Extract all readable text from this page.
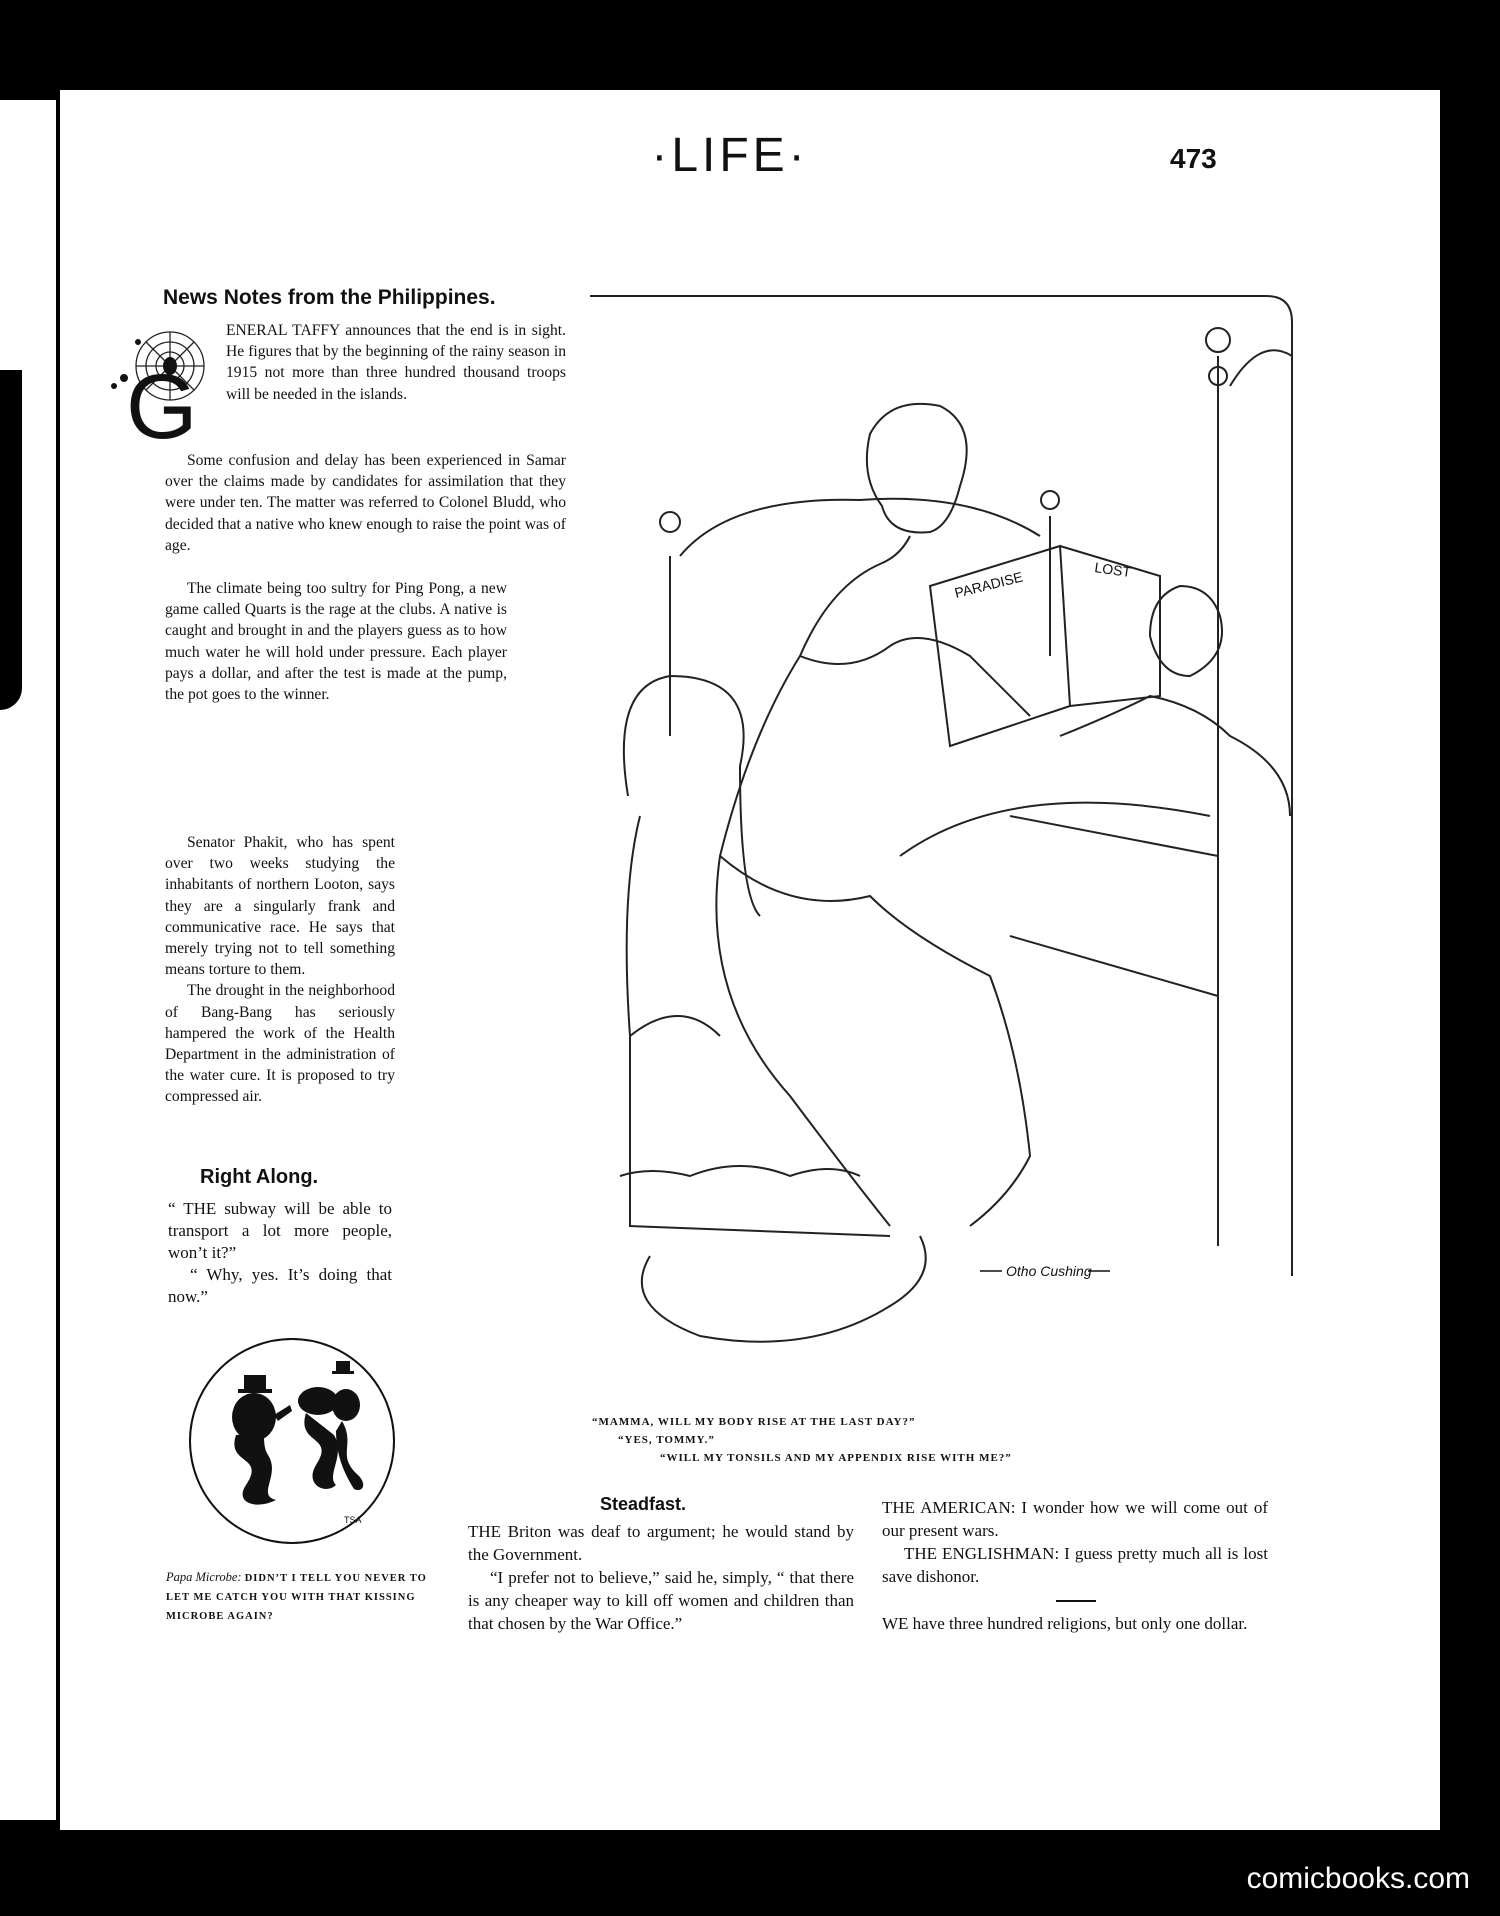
·LIFE·	473
News Notes from the Philippines.
G

ENERAL TAFFY announces that the end is in sight. He figures that by the beginning of the rainy season in 1915 not more than three hundred thousand troops will be needed in the islands.

Some confusion and delay has been experienced in Samar over the claims made by candidates for assimilation that they were under ten. The matter was referred to Colonel Bludd, who decided that a native who knew enough to raise the point was of age.

The climate being too sultry for Ping Pong, a new game called Quarts is the rage at the clubs. A native is caught and brought in and the players guess as to how much water he will hold under pressure. Each player pays a dollar, and after the test is made at the pump, the pot goes to the winner.

Senator Phakit, who has spent over two weeks studying the inhabitants of northern Looton, says they are a singularly frank and communicative race. He says that merely trying not to tell something means torture to them.

The drought in the neighborhood of Bang-Bang has seriously hampered the work of the Health Department in the administration of the water cure. It is proposed to try compressed air.

Right Along.

“ THE subway will be able to transport a lot more people, won’t it?”

“ Why, yes. It’s doing that now.”

TSA
Papa Microbe: DIDN’T I TELL YOU NEVER TO LET ME CATCH YOU WITH THAT KISSING MICROBE AGAIN?
PARADISE	LOST
Otho Cushing
“MAMMA, WILL MY BODY RISE AT THE LAST DAY?”
“YES, TOMMY.”
“WILL MY TONSILS AND MY APPENDIX RISE WITH ME?”
Steadfast.

THE Briton was deaf to argument; he would stand by the Government.

“I prefer not to believe,” said he, simply, “ that there is any cheaper way to kill off women and children than that chosen by the War Office.”

THE AMERICAN: I wonder how we will come out of our present wars.

THE ENGLISHMAN: I guess pretty much all is lost save dishonor.

WE have three hundred religions, but only one dollar.

comicbooks.com
